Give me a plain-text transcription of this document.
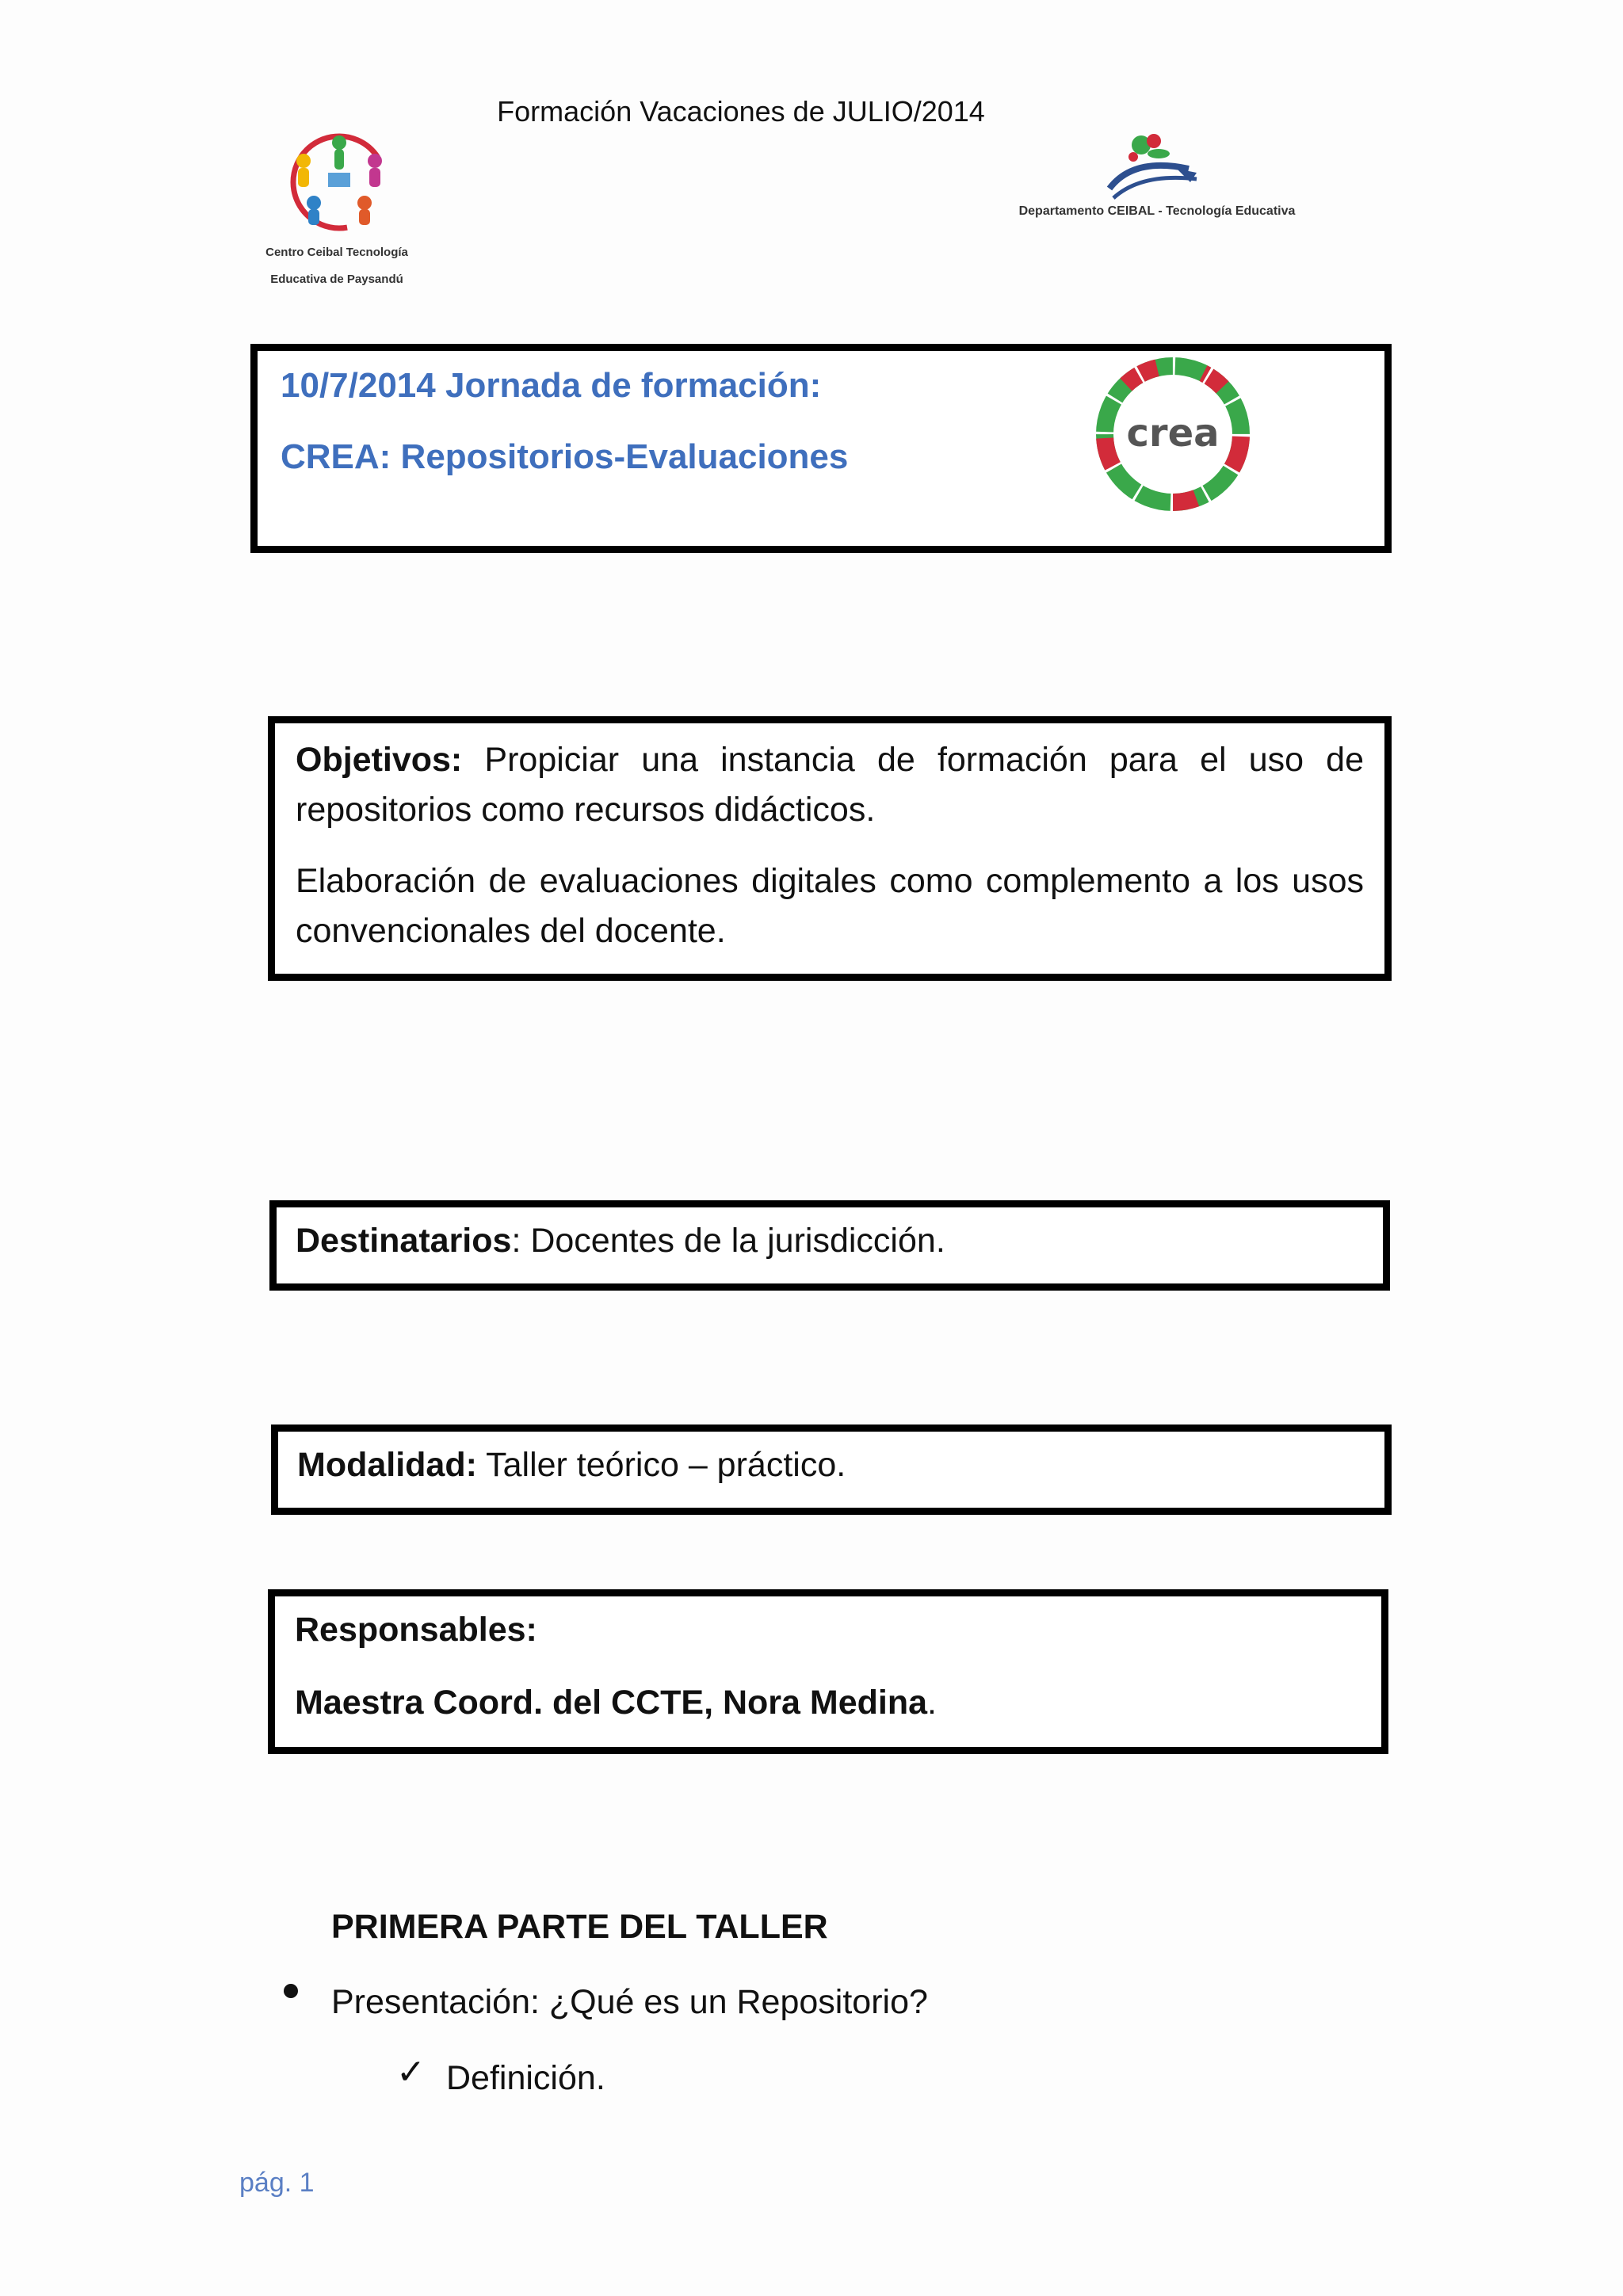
Formación Vacaciones de JULIO/2014
Centro Ceibal Tecnología
Educativa de Paysandú
Departamento CEIBAL - Tecnología Educativa
10/7/2014 Jornada de formación:
CREA: Repositorios-Evaluaciones
crea

Objetivos: Propiciar una instancia de formación para el uso de repositorios como recursos didácticos.

Elaboración de evaluaciones digitales como complemento a los usos convencionales del docente.

Destinatarios: Docentes de la jurisdicción.
Modalidad: Taller teórico – práctico.
Responsables:
Maestra Coord. del CCTE, Nora Medina.
PRIMERA PARTE DEL TALLER
Presentación: ¿Qué es un Repositorio?
✓ Definición.
pág. 1
